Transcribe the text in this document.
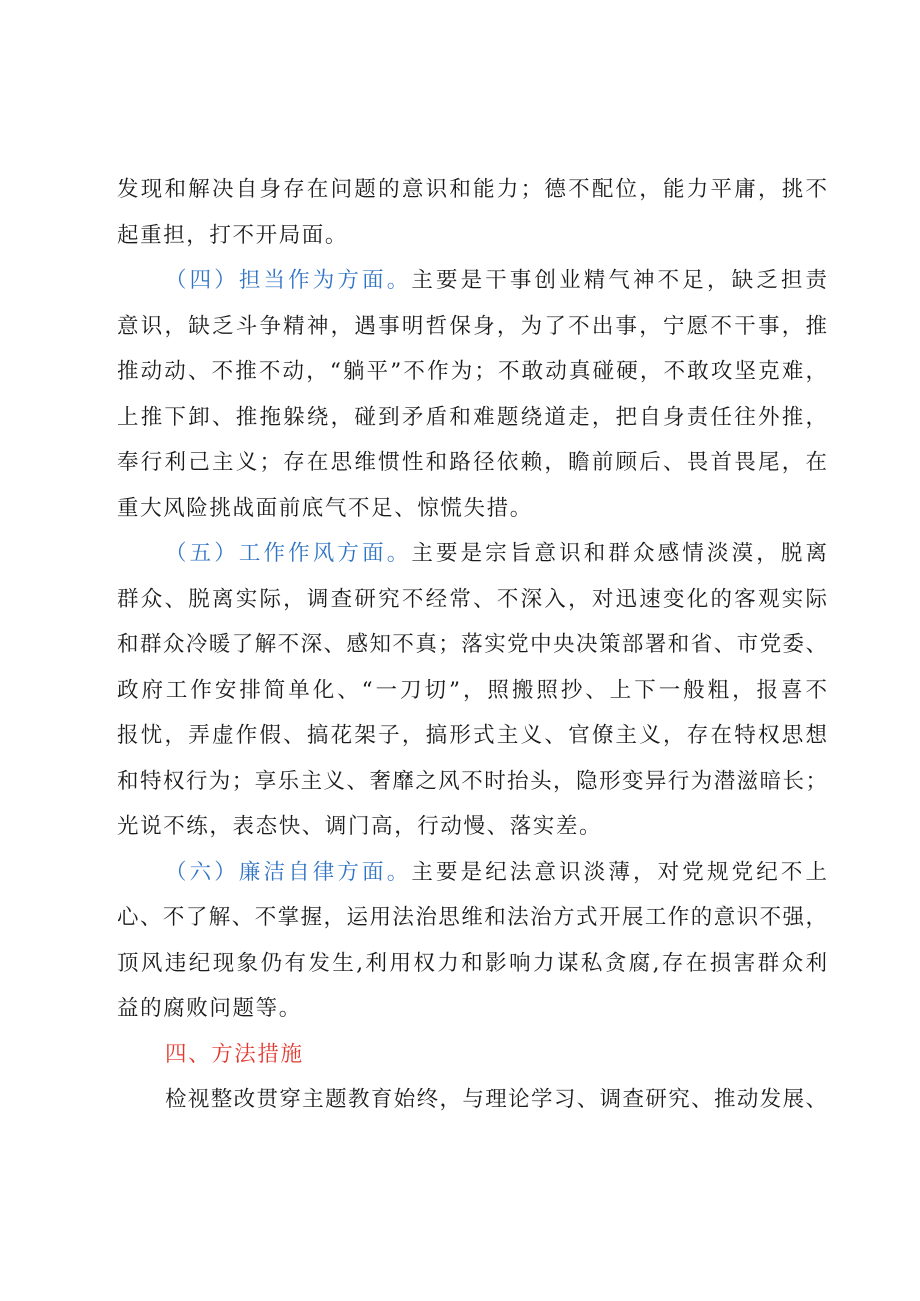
发现和解决自身存在问题的意识和能力；德不配位，能力平庸，挑不
起重担，打不开局面。
（四）担当作为方面。主要是干事创业精气神不足，缺乏担责
意识，缺乏斗争精神，遇事明哲保身，为了不出事，宁愿不干事，推
推动动、不推不动，“躺平”不作为；不敢动真碰硬，不敢攻坚克难，
上推下卸、推拖躲绕，碰到矛盾和难题绕道走，把自身责任往外推，
奉行利己主义；存在思维惯性和路径依赖，瞻前顾后、畏首畏尾，在
重大风险挑战面前底气不足、惊慌失措。
（五）工作作风方面。主要是宗旨意识和群众感情淡漠，脱离
群众、脱离实际，调查研究不经常、不深入，对迅速变化的客观实际
和群众冷暖了解不深、感知不真；落实党中央决策部署和省、市党委、
政府工作安排简单化、“一刀切”，照搬照抄、上下一般粗，报喜不
报忧，弄虚作假、搞花架子，搞形式主义、官僚主义，存在特权思想
和特权行为；享乐主义、奢靡之风不时抬头，隐形变异行为潜滋暗长；
光说不练，表态快、调门高，行动慢、落实差。
（六）廉洁自律方面。主要是纪法意识淡薄，对党规党纪不上
心、不了解、不掌握，运用法治思维和法治方式开展工作的意识不强，
顶风违纪现象仍有发生,利用权力和影响力谋私贪腐,存在损害群众利
益的腐败问题等。
四、方法措施
检视整改贯穿主题教育始终，与理论学习、调查研究、推动发展、
